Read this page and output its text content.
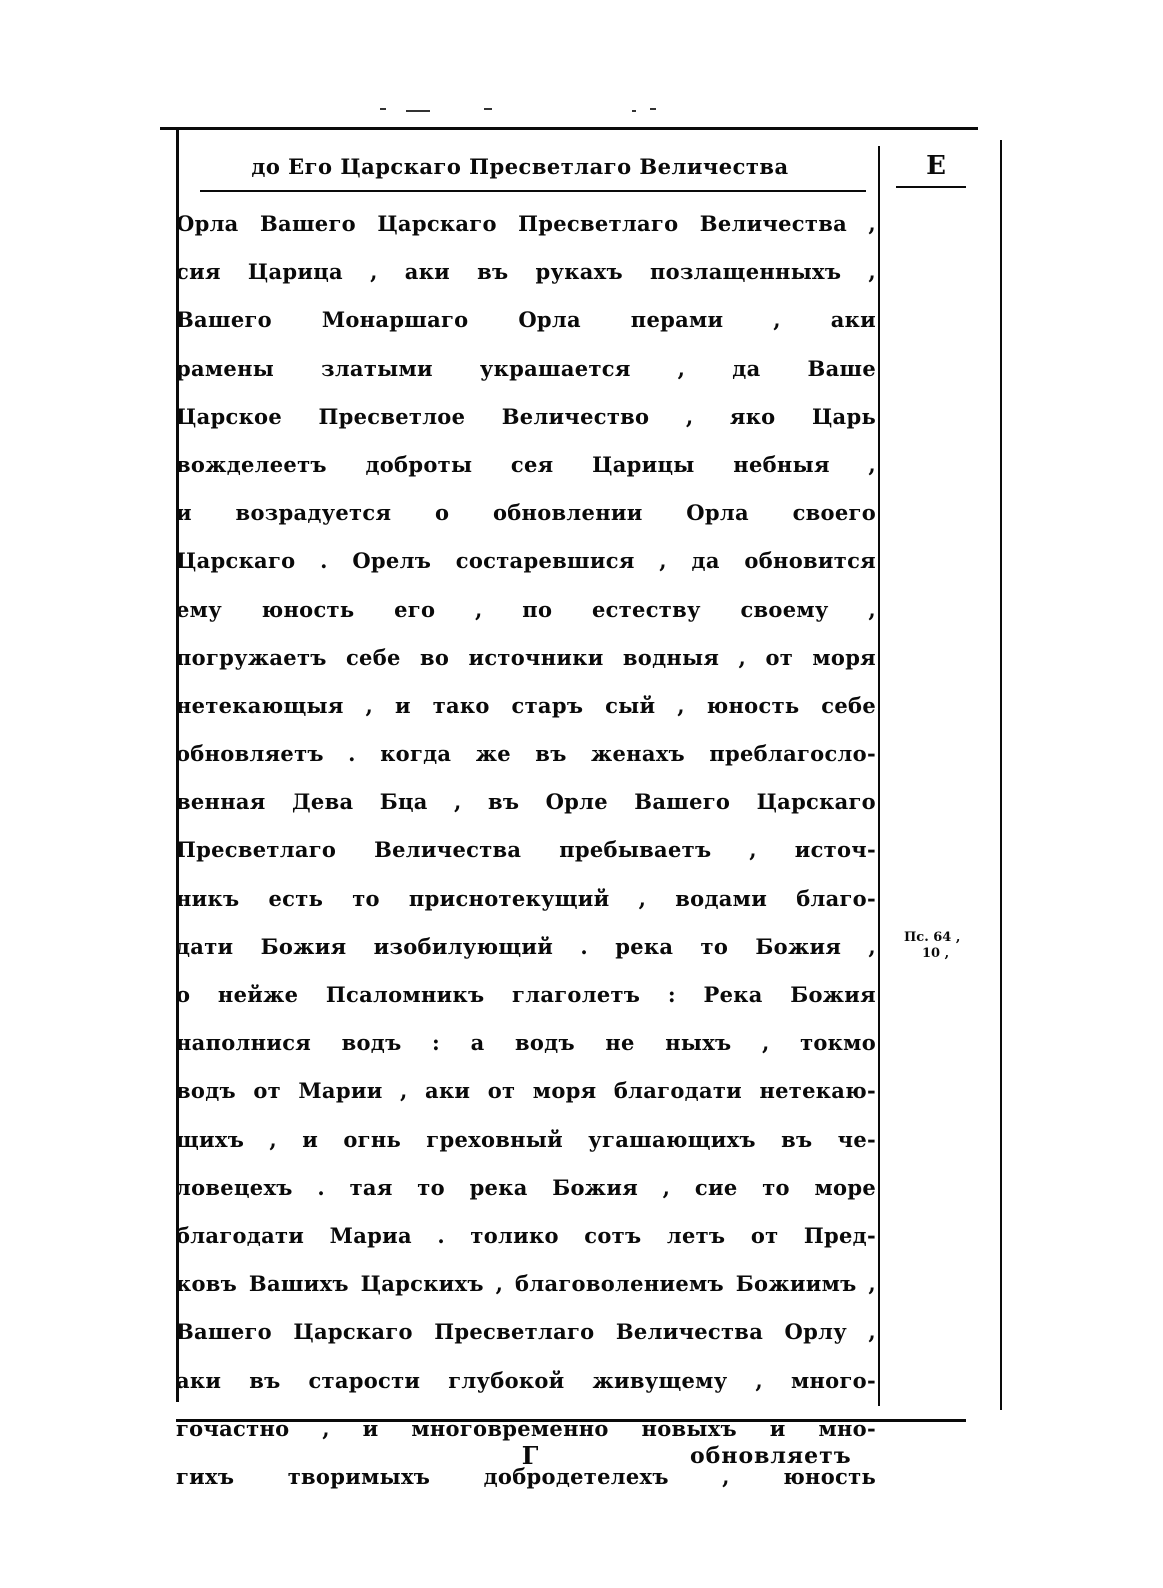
до Его Царскаго Пресветлаго Величества	Е
Орла Вашего Царскаго Пресветлаго Величества ,
сия Царица , аки въ рукахъ позлащенныхъ ,
Вашего Монаршаго Орла перами , аки
рамены златыми украшается , да Ваше
Царское Пресветлое Величество , яко Царь
вожделеетъ доброты сея Царицы небныя ,
и возрадуется о обновлении Орла своего
Царскаго . Орелъ состаревшися , да обновится
ему юность его , по естеству своему ,
погружаетъ себе во источники водныя , от моря
нетекающыя , и тако старъ сый , юность себе
обновляетъ . когда же въ женахъ преблагосло-
венная Дева Бца , въ Орле Вашего Царскаго
Пресветлаго Величества пребываетъ , источ-
никъ есть то приснотекущий , водами благо-
дати Божия изобилующий . река то Божия ,
о нейже Псаломникъ глаголетъ : Река Божия
наполнися водъ : а водъ не ныхъ , токмо
водъ от Марии , аки от моря благодати нетекаю-
щихъ , и огнь греховный угашающихъ въ че-
ловецехъ . тая то река Божия , сие то море
благодати Мариа . толико сотъ летъ от Пред-
ковъ Вашихъ Царскихъ , благоволениемъ Божиимъ ,
Вашего Царскаго Пресветлаго Величества Орлу ,
аки въ старости глубокой живущему , много-
гочастно , и многовременно новыхъ и мно-
гихъ творимыхъ добродетелехъ , юность
Пс. 64 ,
10 ,
Г	обновляетъ
